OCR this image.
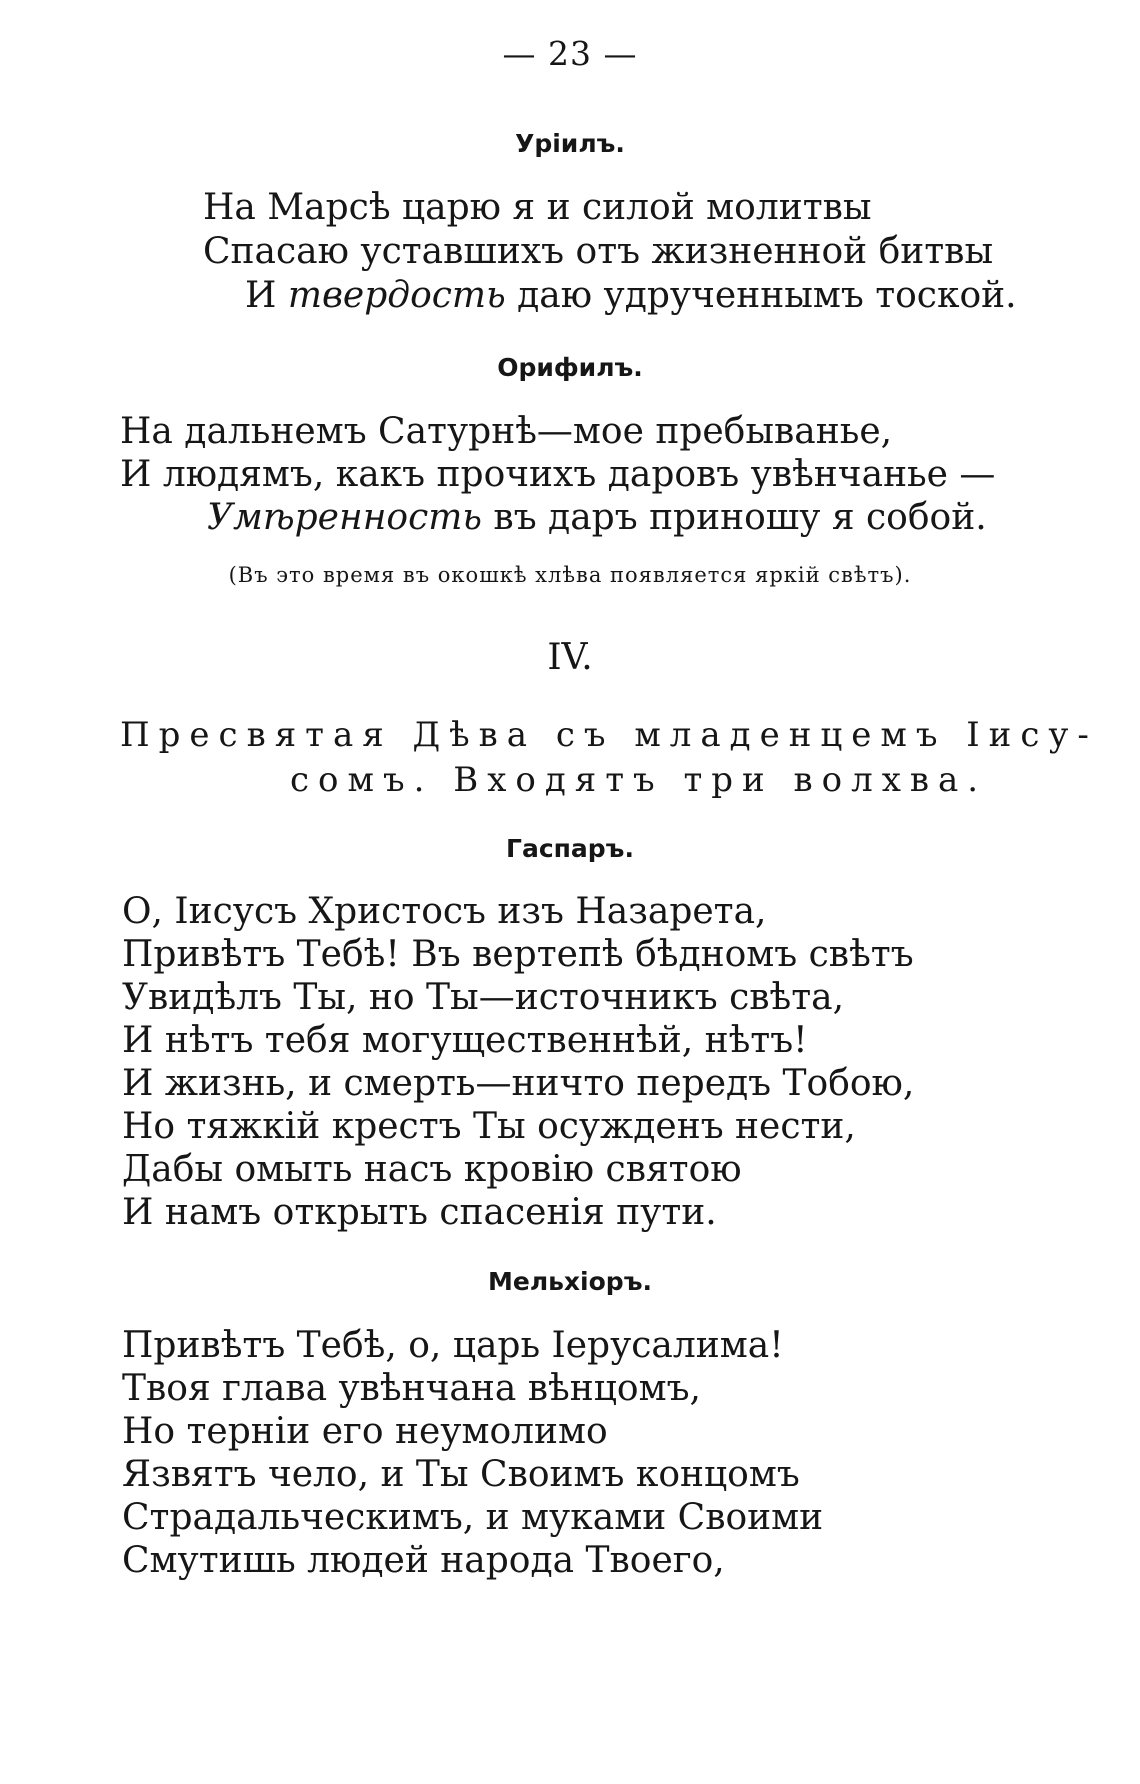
— 23 —
Уріилъ.
На Марсѣ царю я и силой молитвы
Спасаю уставшихъ отъ жизненной битвы
И твердость даю удрученнымъ тоской.
Орифилъ.
На дальнемъ Сатурнѣ—мое пребыванье,
И людямъ, какъ прочихъ даровъ увѣнчанье —
Умѣренность въ даръ приношу я собой.
(Въ это время въ окошкѣ хлѣва появляется яркій свѣтъ).
IV.
Пресвятая Дѣва съ младенцемъ Іису-
сомъ. Входятъ три волхва.
Гаспаръ.
О, Іисусъ Христосъ изъ Назарета,
Привѣтъ Тебѣ! Въ вертепѣ бѣдномъ свѣтъ
Увидѣлъ Ты, но Ты—источникъ свѣта,
И нѣтъ тебя могущественнѣй, нѣтъ!
И жизнь, и смерть—ничто передъ Тобою,
Но тяжкій крестъ Ты осужденъ нести,
Дабы омыть насъ кровію святою
И намъ открыть спасенія пути.
Мельхіоръ.
Привѣтъ Тебѣ, о, царь Іерусалима!
Твоя глава увѣнчана вѣнцомъ,
Но терніи его неумолимо
Язвятъ чело, и Ты Своимъ концомъ
Страдальческимъ, и муками Своими
Смутишь людей народа Твоего,
